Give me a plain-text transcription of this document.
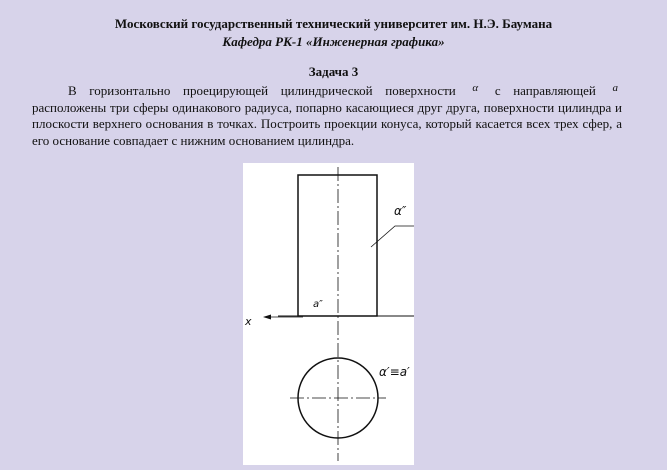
Московский государственный технический университет им. Н.Э. Баумана
Кафедра РК-1 «Инженерная графика»
Задача 3
В горизонтально проецирующей цилиндрической поверхности $^\alpha$ с направляющей $^a$ расположены три сферы одинакового радиуса, попарно касающиеся друг друга, поверхности цилиндра и плоскости верхнего основания в точках. Построить проекции конуса, который касается всех трех сфер, а его основание совпадает с нижним основанием цилиндра.
α″
a″
x
α′≡a′
